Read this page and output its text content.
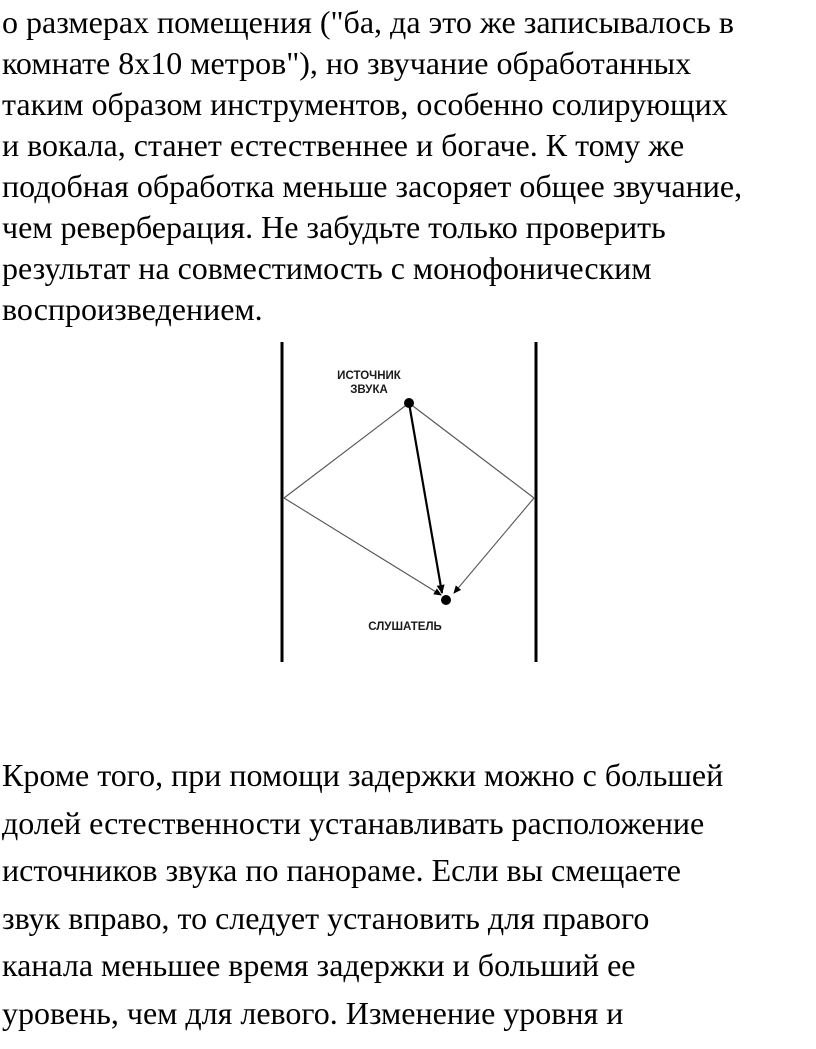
о размерах помещения ("ба, да это же записывалось в
комнате 8х10 метров"), но звучание обработанных
таким образом инструментов, особенно солирующих
и вокала, станет естественнее и богаче. К тому же
подобная обработка меньше засоряет общее звучание,
чем реверберация. Не забудьте только проверить
результат на совместимость с монофоническим
воспроизведением.

ИСТОЧНИК
ЗВУКА
СЛУШАТЕЛЬ

Кроме того, при помощи задержки можно с большей
долей естественности устанавливать расположение
источников звука по панораме. Если вы смещаете
звук вправо, то следует установить для правого
канала меньшее время задержки и больший ее
уровень, чем для левого. Изменение уровня и
